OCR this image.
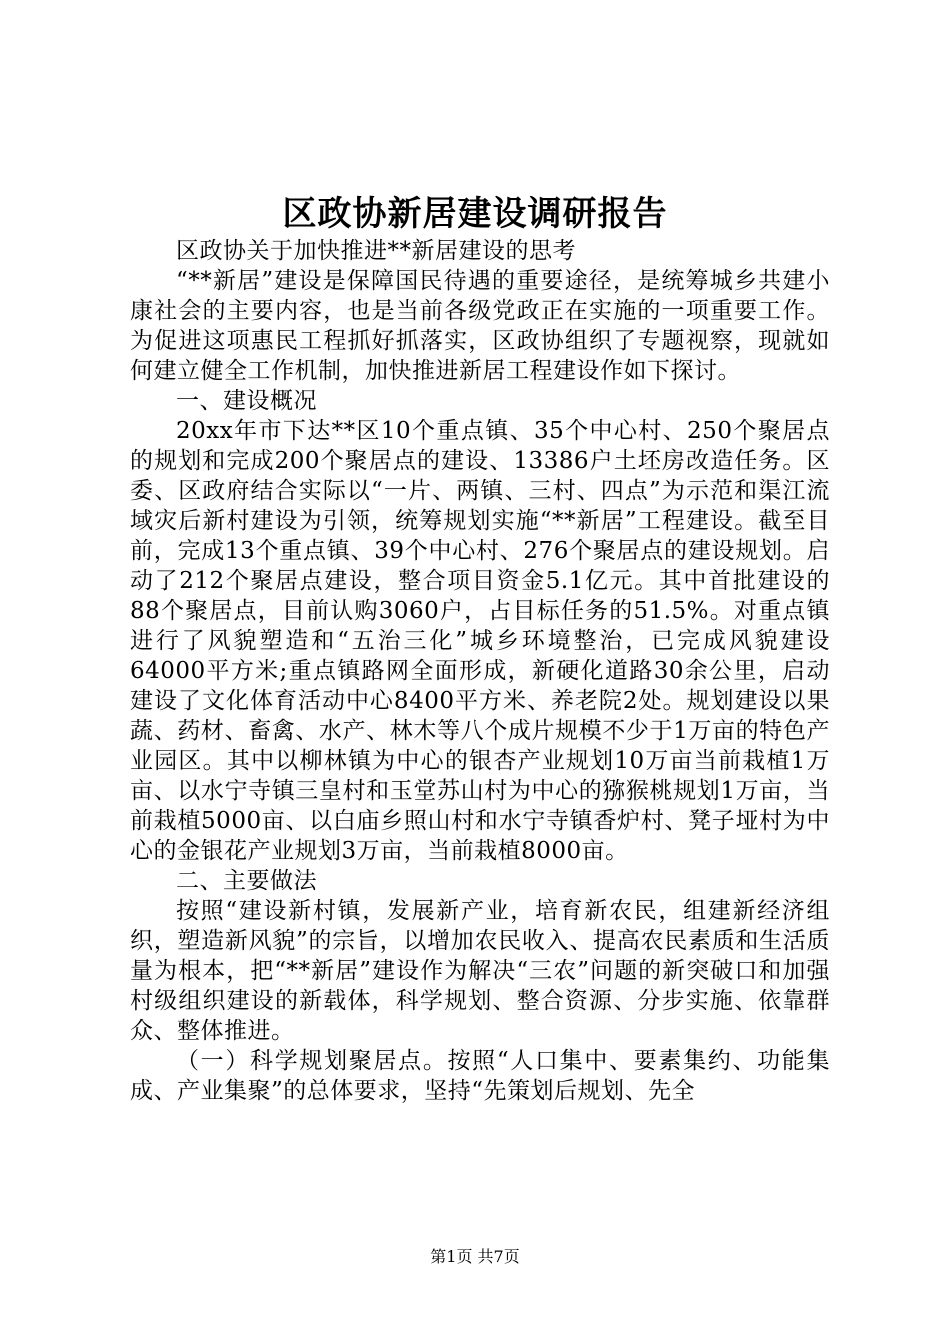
区政协新居建设调研报告

区政协关于加快推进**新居建设的思考

“**新居”建设是保障国民待遇的重要途径，是统筹城乡共建小康社会的主要内容，也是当前各级党政正在实施的一项重要工作。为促进这项惠民工程抓好抓落实，区政协组织了专题视察，现就如何建立健全工作机制，加快推进新居工程建设作如下探讨。

一、建设概况

20xx年市下达**区10个重点镇、35个中心村、250个聚居点的规划和完成200个聚居点的建设、13386户土坯房改造任务。区委、区政府结合实际以“一片、两镇、三村、四点”为示范和渠江流域灾后新村建设为引领，统筹规划实施“**新居”工程建设。截至目前，完成13个重点镇、39个中心村、276个聚居点的建设规划。启动了212个聚居点建设，整合项目资金5.1亿元。其中首批建设的88个聚居点，目前认购3060户，占目标任务的51.5%。对重点镇进行了风貌塑造和“五治三化”城乡环境整治，已完成风貌建设64000平方米;重点镇路网全面形成，新硬化道路30余公里，启动建设了文化体育活动中心8400平方米、养老院2处。规划建设以果蔬、药材、畜禽、水产、林木等八个成片规模不少于1万亩的特色产业园区。其中以柳林镇为中心的银杏产业规划10万亩当前栽植1万亩、以水宁寺镇三皇村和玉堂苏山村为中心的猕猴桃规划1万亩，当前栽植5000亩、以白庙乡照山村和水宁寺镇香炉村、凳子垭村为中心的金银花产业规划3万亩，当前栽植8000亩。

二、主要做法

按照“建设新村镇，发展新产业，培育新农民，组建新经济组织，塑造新风貌”的宗旨，以增加农民收入、提高农民素质和生活质量为根本，把“**新居”建设作为解决“三农”问题的新突破口和加强村级组织建设的新载体，科学规划、整合资源、分步实施、依靠群众、整体推进。

（一）科学规划聚居点。按照“人口集中、要素集约、功能集成、产业集聚”的总体要求，坚持“先策划后规划、先全

第1页 共7页
